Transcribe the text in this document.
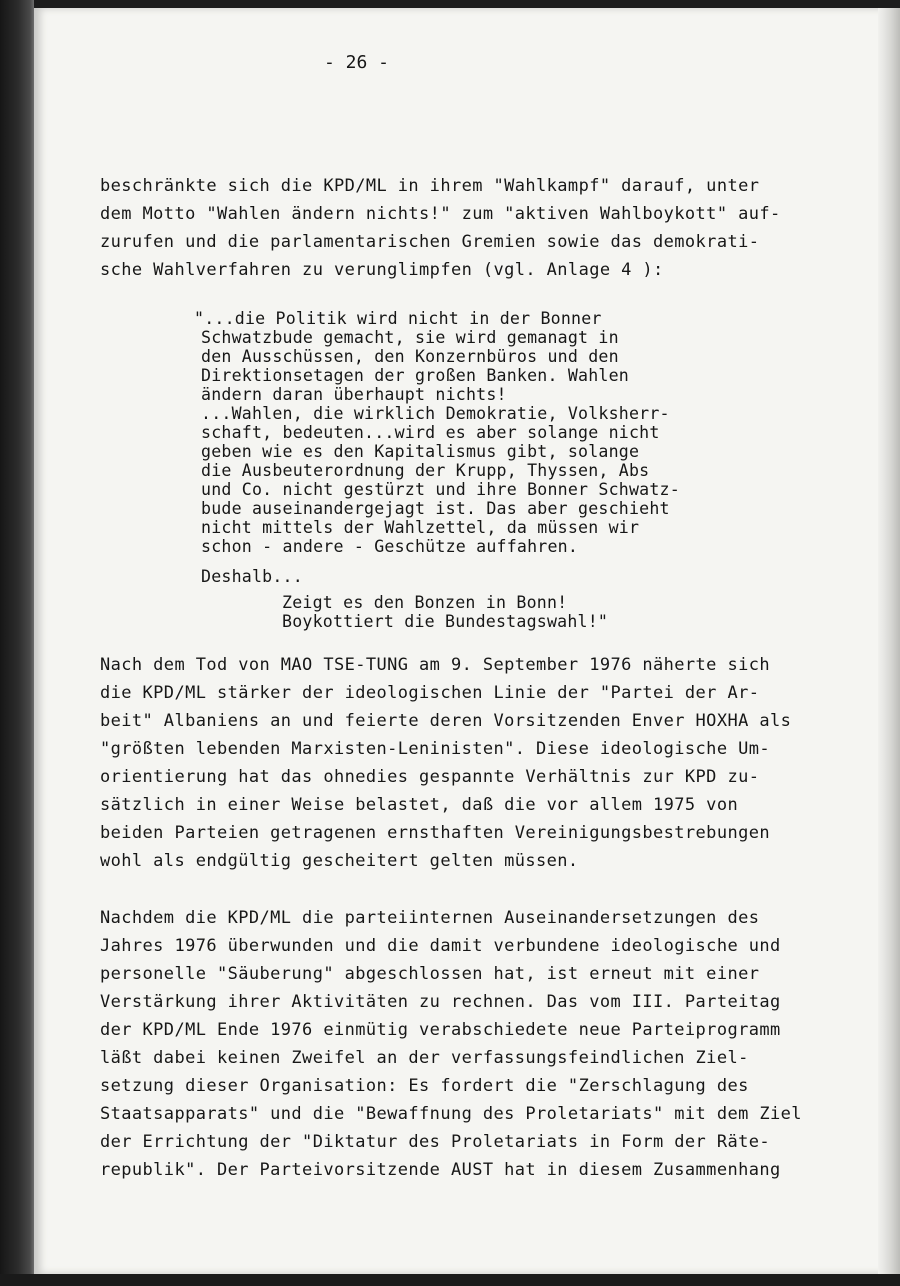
- 26 -
beschränkte sich die KPD/ML in ihrem "Wahlkampf" darauf, unter
dem Motto "Wahlen ändern nichts!" zum "aktiven Wahlboykott" auf-
zurufen und die parlamentarischen Gremien sowie das demokrati-
sche Wahlverfahren zu verunglimpfen (vgl. Anlage 4 ):
"...die Politik wird nicht in der Bonner
Schwatzbude gemacht, sie wird gemanagt in
den Ausschüssen, den Konzernbüros und den
Direktionsetagen der großen Banken. Wahlen
ändern daran überhaupt nichts!
...Wahlen, die wirklich Demokratie, Volksherr-
schaft, bedeuten...wird es aber solange nicht
geben wie es den Kapitalismus gibt, solange
die Ausbeuterordnung der Krupp, Thyssen, Abs
und Co. nicht gestürzt und ihre Bonner Schwatz-
bude auseinandergejagt ist. Das aber geschieht
nicht mittels der Wahlzettel, da müssen wir
schon - andere - Geschütze auffahren.
Deshalb...
Zeigt es den Bonzen in Bonn!
Boykottiert die Bundestagswahl!"
Nach dem Tod von MAO TSE-TUNG am 9. September 1976 näherte sich
die KPD/ML stärker der ideologischen Linie der "Partei der Ar-
beit" Albaniens an und feierte deren Vorsitzenden Enver HOXHA als
"größten lebenden Marxisten-Leninisten". Diese ideologische Um-
orientierung hat das ohnedies gespannte Verhältnis zur KPD zu-
sätzlich in einer Weise belastet, daß die vor allem 1975 von
beiden Parteien getragenen ernsthaften Vereinigungsbestrebungen
wohl als endgültig gescheitert gelten müssen.
Nachdem die KPD/ML die parteiinternen Auseinandersetzungen des
Jahres 1976 überwunden und die damit verbundene ideologische und
personelle "Säuberung" abgeschlossen hat, ist erneut mit einer
Verstärkung ihrer Aktivitäten zu rechnen. Das vom III. Parteitag
der KPD/ML Ende 1976 einmütig verabschiedete neue Parteiprogramm
läßt dabei keinen Zweifel an der verfassungsfeindlichen Ziel-
setzung dieser Organisation: Es fordert die "Zerschlagung des
Staatsapparats" und die "Bewaffnung des Proletariats" mit dem Ziel
der Errichtung der "Diktatur des Proletariats in Form der Räte-
republik". Der Parteivorsitzende AUST hat in diesem Zusammenhang
